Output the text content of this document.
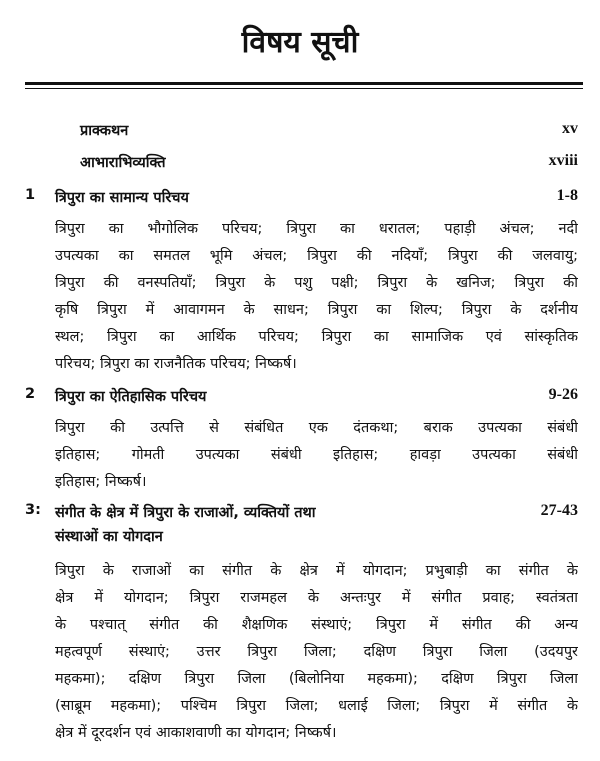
विषय सूची
प्राक्कथन	xv
आभाराभिव्यक्ति	xviii
1 त्रिपुरा का सामान्य परिचय	1-8
त्रिपुरा का भौगोलिक परिचय; त्रिपुरा का धरातल; पहाड़ी अंचल; नदी
उपत्यका का समतल भूमि अंचल; त्रिपुरा की नदियाँ; त्रिपुरा की जलवायु;
त्रिपुरा की वनस्पतियाँ; त्रिपुरा के पशु पक्षी; त्रिपुरा के खनिज; त्रिपुरा की
कृषि त्रिपुरा में आवागमन के साधन; त्रिपुरा का शिल्प; त्रिपुरा के दर्शनीय
स्थल; त्रिपुरा का आर्थिक परिचय; त्रिपुरा का सामाजिक एवं सांस्कृतिक
परिचय; त्रिपुरा का राजनैतिक परिचय; निष्कर्ष।
2 त्रिपुरा का ऐतिहासिक परिचय	9-26
त्रिपुरा की उत्पत्ति से संबंधित एक दंतकथा; बराक उपत्यका संबंधी
इतिहास; गोमती उपत्यका संबंधी इतिहास; हावड़ा उपत्यका संबंधी
इतिहास; निष्कर्ष।
3: संगीत के क्षेत्र में त्रिपुरा के राजाओं, व्यक्तियों तथा	27-43
संस्थाओं का योगदान
त्रिपुरा के राजाओं का संगीत के क्षेत्र में योगदान; प्रभुबाड़ी का संगीत के
क्षेत्र में योगदान; त्रिपुरा राजमहल के अन्तःपुर में संगीत प्रवाह; स्वतंत्रता
के पश्चात् संगीत की शैक्षणिक संस्थाएं; त्रिपुरा में संगीत की अन्य
महत्वपूर्ण संस्थाएं; उत्तर त्रिपुरा जिला; दक्षिण त्रिपुरा जिला (उदयपुर
महकमा); दक्षिण त्रिपुरा जिला (बिलोनिया महकमा); दक्षिण त्रिपुरा जिला
(साब्रूम महकमा); पश्चिम त्रिपुरा जिला; धलाई जिला; त्रिपुरा में संगीत के
क्षेत्र में दूरदर्शन एवं आकाशवाणी का योगदान; निष्कर्ष।
